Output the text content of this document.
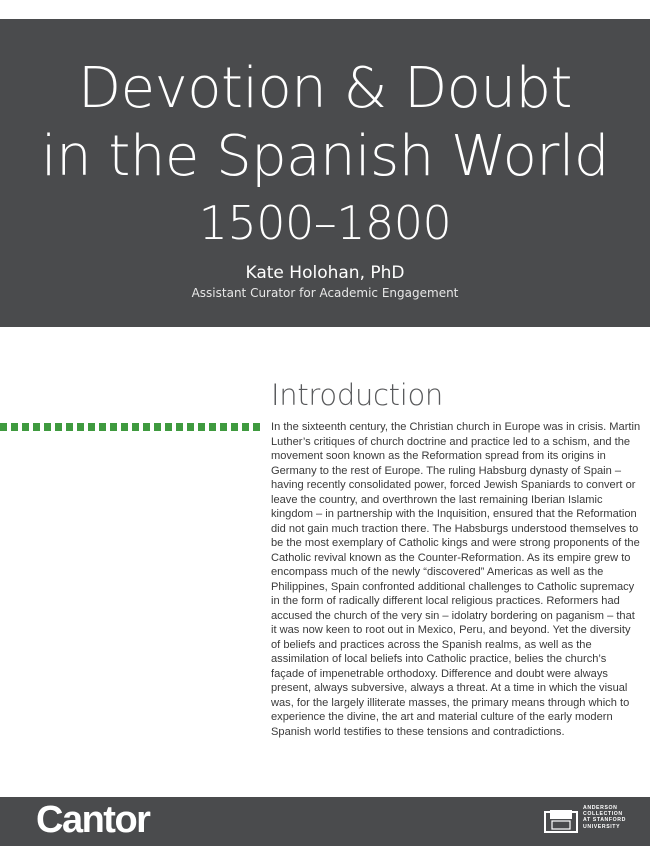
Devotion & Doubt
in the Spanish World
1500–1800
Kate Holohan, PhD
Assistant Curator for Academic Engagement
Introduction

In the sixteenth century, the Christian church in Europe was in crisis. Martin Luther’s critiques of church doctrine and practice led to a schism, and the movement soon known as the Reformation spread from its origins in Germany to the rest of Europe. The ruling Habsburg dynasty of Spain – having recently consolidated power, forced Jewish Spaniards to convert or leave the country, and overthrown the last remaining Iberian Islamic kingdom – in partnership with the Inquisition, ensured that the Reformation did not gain much traction there. The Habsburgs understood themselves to be the most exemplary of Catholic kings and were strong proponents of the Catholic revival known as the Counter-Reformation. As its empire grew to encompass much of the newly “discovered” Americas as well as the Philippines, Spain confronted additional challenges to Catholic supremacy in the form of radically different local religious practices. Reformers had accused the church of the very sin – idolatry bordering on paganism – that it was now keen to root out in Mexico, Peru, and beyond. Yet the diversity of beliefs and practices across the Spanish realms, as well as the assimilation of local beliefs into Catholic practice, belies the church’s façade of impenetrable orthodoxy. Difference and doubt were always present, always subversive, always a threat. At a time in which the visual was, for the largely illiterate masses, the primary means through which to experience the divine, the art and material culture of the early modern Spanish world testifies to these tensions and contradictions.

Cantor	ANDERSON
COLLECTION
AT STANFORD
UNIVERSITY
